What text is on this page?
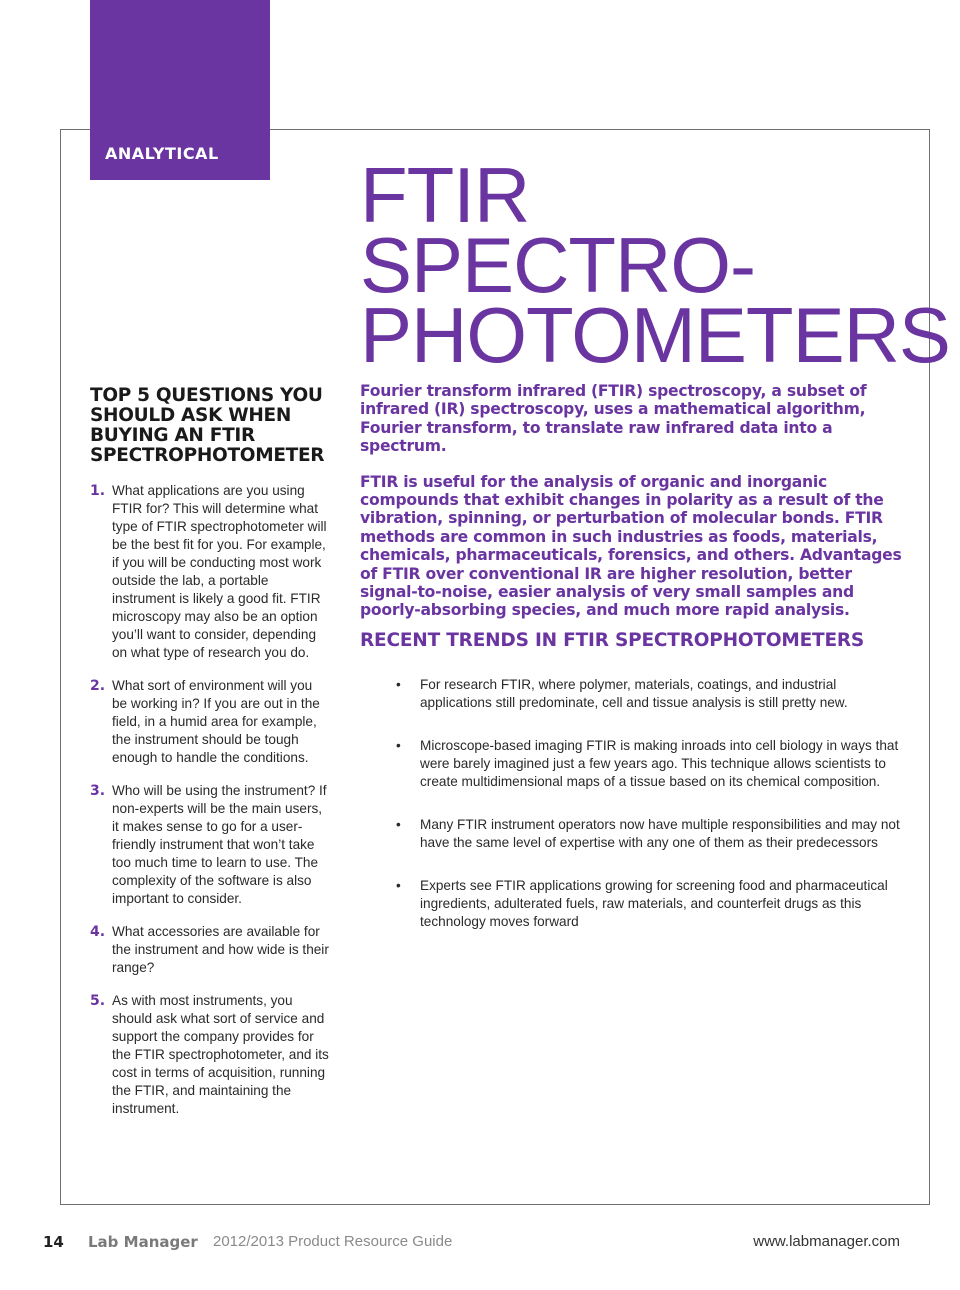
ANALYTICAL FTIR
SPECTRO-
PHOTOMETERS

Fourier transform infrared (FTIR) spectroscopy, a subset of infrared (IR) spectroscopy, uses a mathematical algorithm, Fourier transform, to translate raw infrared data into a spectrum.

FTIR is useful for the analysis of organic and inorganic compounds that exhibit changes in polarity as a result of the vibration, spinning, or perturbation of molecular bonds. FTIR methods are common in such industries as foods, materials, chemicals, pharmaceuticals, forensics, and others. Advantages of FTIR over conventional IR are higher resolution, better signal-to-noise, easier analysis of very small samples and poorly-absorbing species, and much more rapid analysis.

RECENT TRENDS IN FTIR SPECTROPHOTOMETERS
• For research FTIR, where polymer, materials, coatings, and industrial applications still predominate, cell and tissue analysis is still pretty new.
• Microscope-based imaging FTIR is making inroads into cell biology in ways that were barely imagined just a few years ago. This technique allows scientists to create multidimensional maps of a tissue based on its chemical composition.
• Many FTIR instrument operators now have multiple responsibilities and may not have the same level of expertise with any one of them as their predecessors
• Experts see FTIR applications growing for screening food and pharmaceutical ingredients, adulterated fuels, raw materials, and counterfeit drugs as this technology moves forward
TOP 5 QUESTIONS YOU SHOULD ASK WHEN BUYING AN FTIR SPECTROPHOTOMETER
1. What applications are you using FTIR for? This will determine what type of FTIR spectrophotometer will be the best fit for you. For example, if you will be conducting most work outside the lab, a portable instrument is likely a good fit. FTIR microscopy may also be an option you’ll want to consider, depending on what type of research you do.
2. What sort of environment will you be working in? If you are out in the field, in a humid area for example, the instrument should be tough enough to handle the conditions.
3. Who will be using the instrument? If non-experts will be the main users, it makes sense to go for a user-friendly instrument that won’t take too much time to learn to use. The complexity of the software is also important to consider.
4. What accessories are available for the instrument and how wide is their range?
5. As with most instruments, you should ask what sort of service and support the company provides for the FTIR spectrophotometer, and its cost in terms of acquisition, running the FTIR, and maintaining the instrument.
14 Lab Manager 2012/2013 Product Resource Guide	www.labmanager.com
